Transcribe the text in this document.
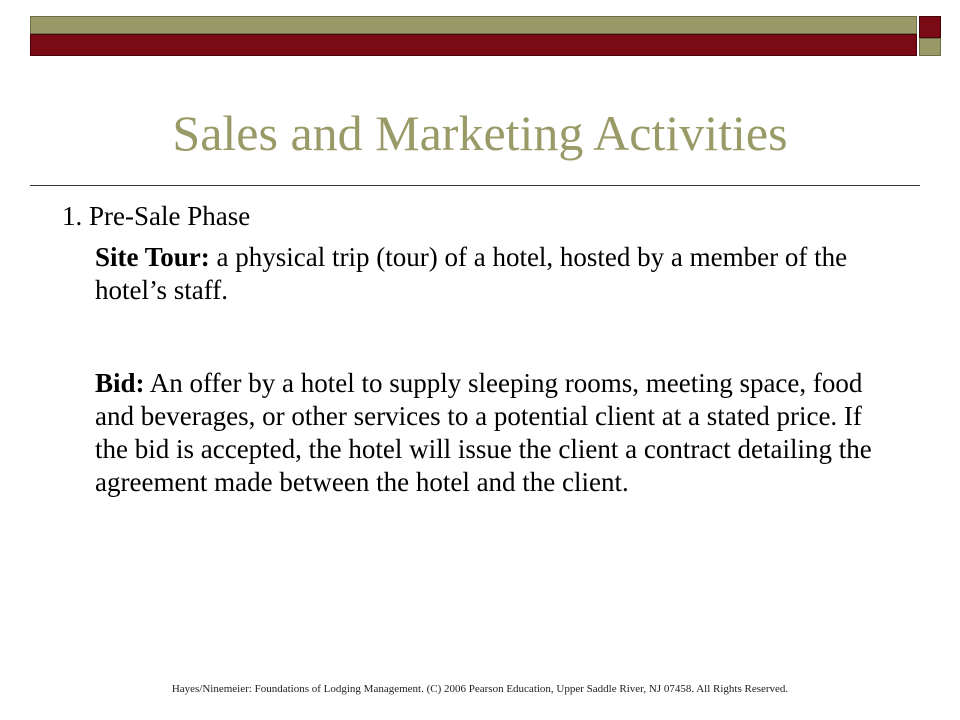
Sales and Marketing Activities

1. Pre-Sale Phase

Site Tour: a physical trip (tour) of a hotel, hosted by a member of the hotel’s staff.

Bid: An offer by a hotel to supply sleeping rooms, meeting space, food and beverages, or other services to a potential client at a stated price. If the bid is accepted, the hotel will issue the client a contract detailing the agreement made between the hotel and the client.

Hayes/Ninemeier: Foundations of Lodging Management. (C) 2006 Pearson Education, Upper Saddle River, NJ 07458. All Rights Reserved.
